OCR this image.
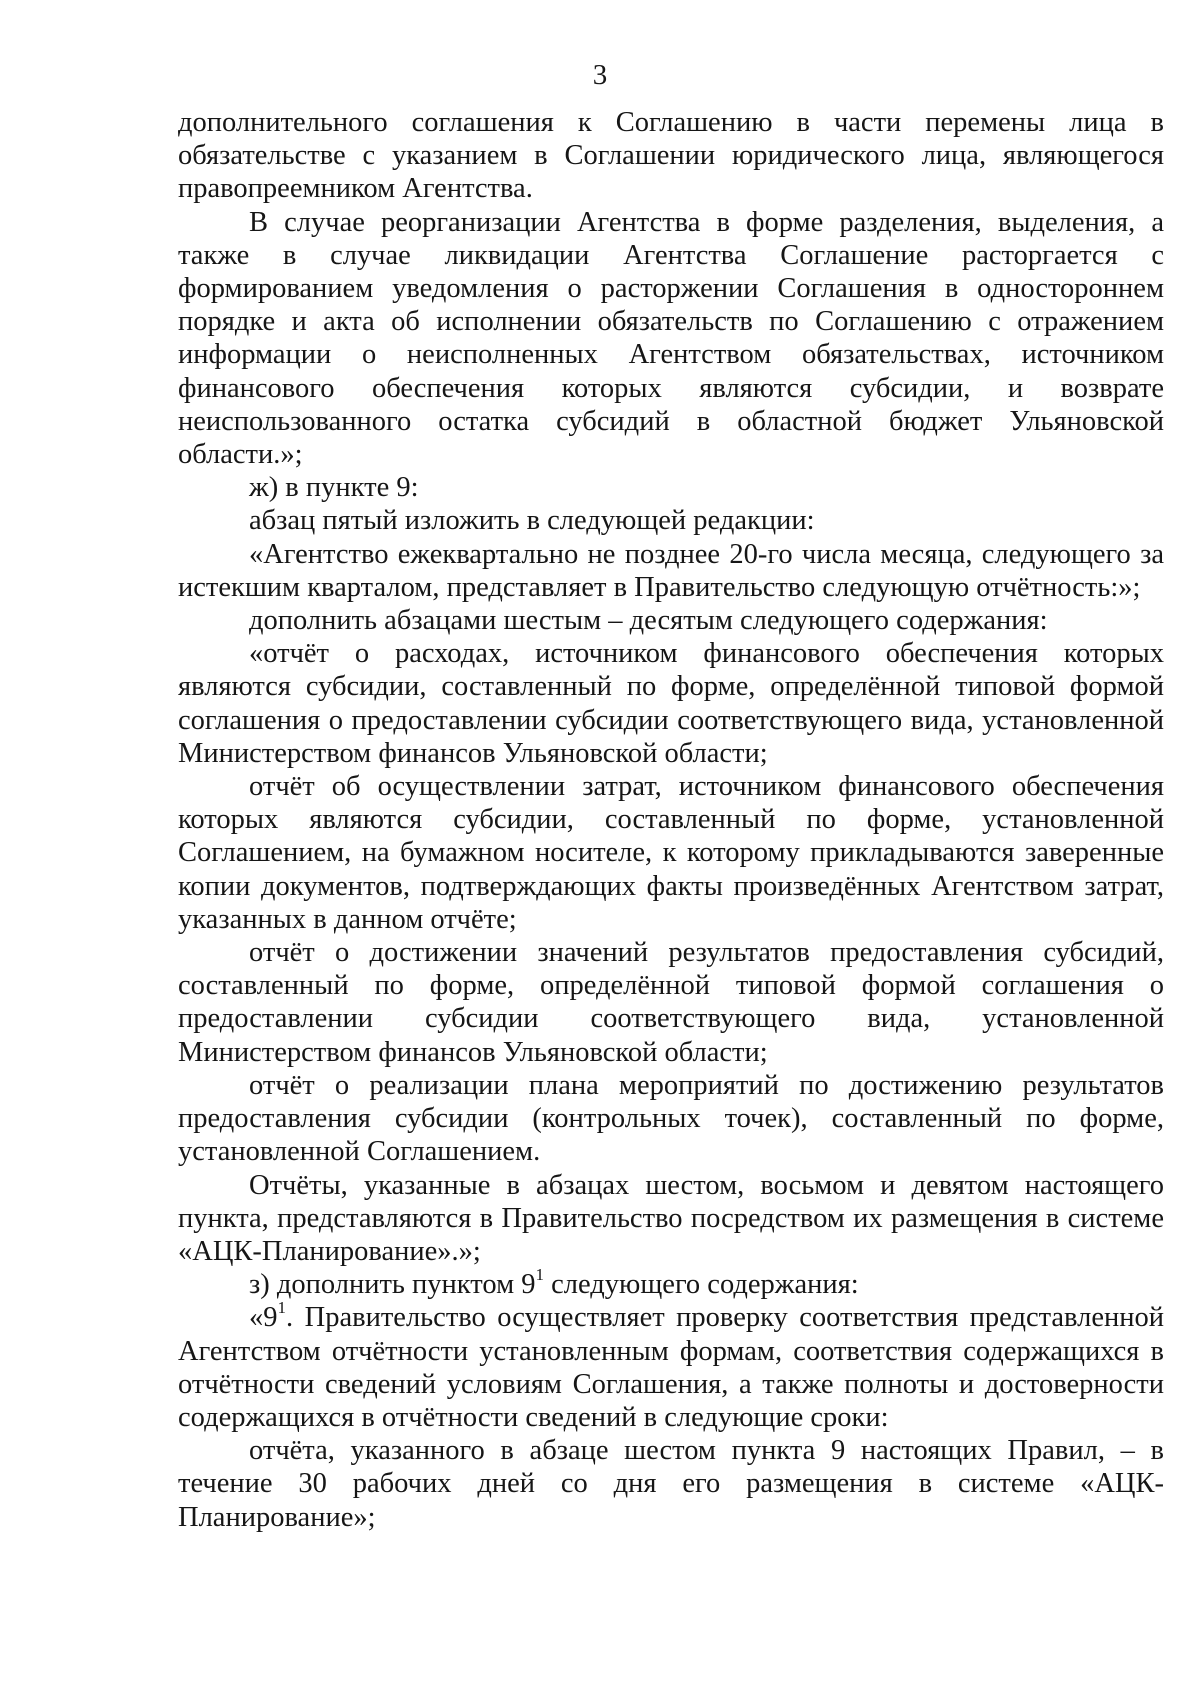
3

дополнительного соглашения к Соглашению в части перемены лица в обязательстве с указанием в Соглашении юридического лица, являющегося правопреемником Агентства.

В случае реорганизации Агентства в форме разделения, выделения, а также в случае ликвидации Агентства Соглашение расторгается с формированием уведомления о расторжении Соглашения в одностороннем порядке и акта об исполнении обязательств по Соглашению с отражением информации о неисполненных Агентством обязательствах, источником финансового обеспечения которых являются субсидии, и возврате неиспользованного остатка субсидий в областной бюджет Ульяновской области.»;

ж) в пункте 9:

абзац пятый изложить в следующей редакции:

«Агентство ежеквартально не позднее 20-го числа месяца, следующего за истекшим кварталом, представляет в Правительство следующую отчётность:»;

дополнить абзацами шестым – десятым следующего содержания:

«отчёт о расходах, источником финансового обеспечения которых являются субсидии, составленный по форме, определённой типовой формой соглашения о предоставлении субсидии соответствующего вида, установленной Министерством финансов Ульяновской области;

отчёт об осуществлении затрат, источником финансового обеспечения которых являются субсидии, составленный по форме, установленной Соглашением, на бумажном носителе, к которому прикладываются заверенные копии документов, подтверждающих факты произведённых Агентством затрат, указанных в данном отчёте;

отчёт о достижении значений результатов предоставления субсидий, составленный по форме, определённой типовой формой соглашения о предоставлении субсидии соответствующего вида, установленной Министерством финансов Ульяновской области;

отчёт о реализации плана мероприятий по достижению результатов предоставления субсидии (контрольных точек), составленный по форме, установленной Соглашением.

Отчёты, указанные в абзацах шестом, восьмом и девятом настоящего пункта, представляются в Правительство посредством их размещения в системе «АЦК-Планирование».»;

з) дополнить пунктом $9^1$ следующего содержания:

«$9^1$. Правительство осуществляет проверку соответствия представленной Агентством отчётности установленным формам, соответствия содержащихся в отчётности сведений условиям Соглашения, а также полноты и достоверности содержащихся в отчётности сведений в следующие сроки:

отчёта, указанного в абзаце шестом пункта 9 настоящих Правил, – в течение 30 рабочих дней со дня его размещения в системе «АЦК-Планирование»;
